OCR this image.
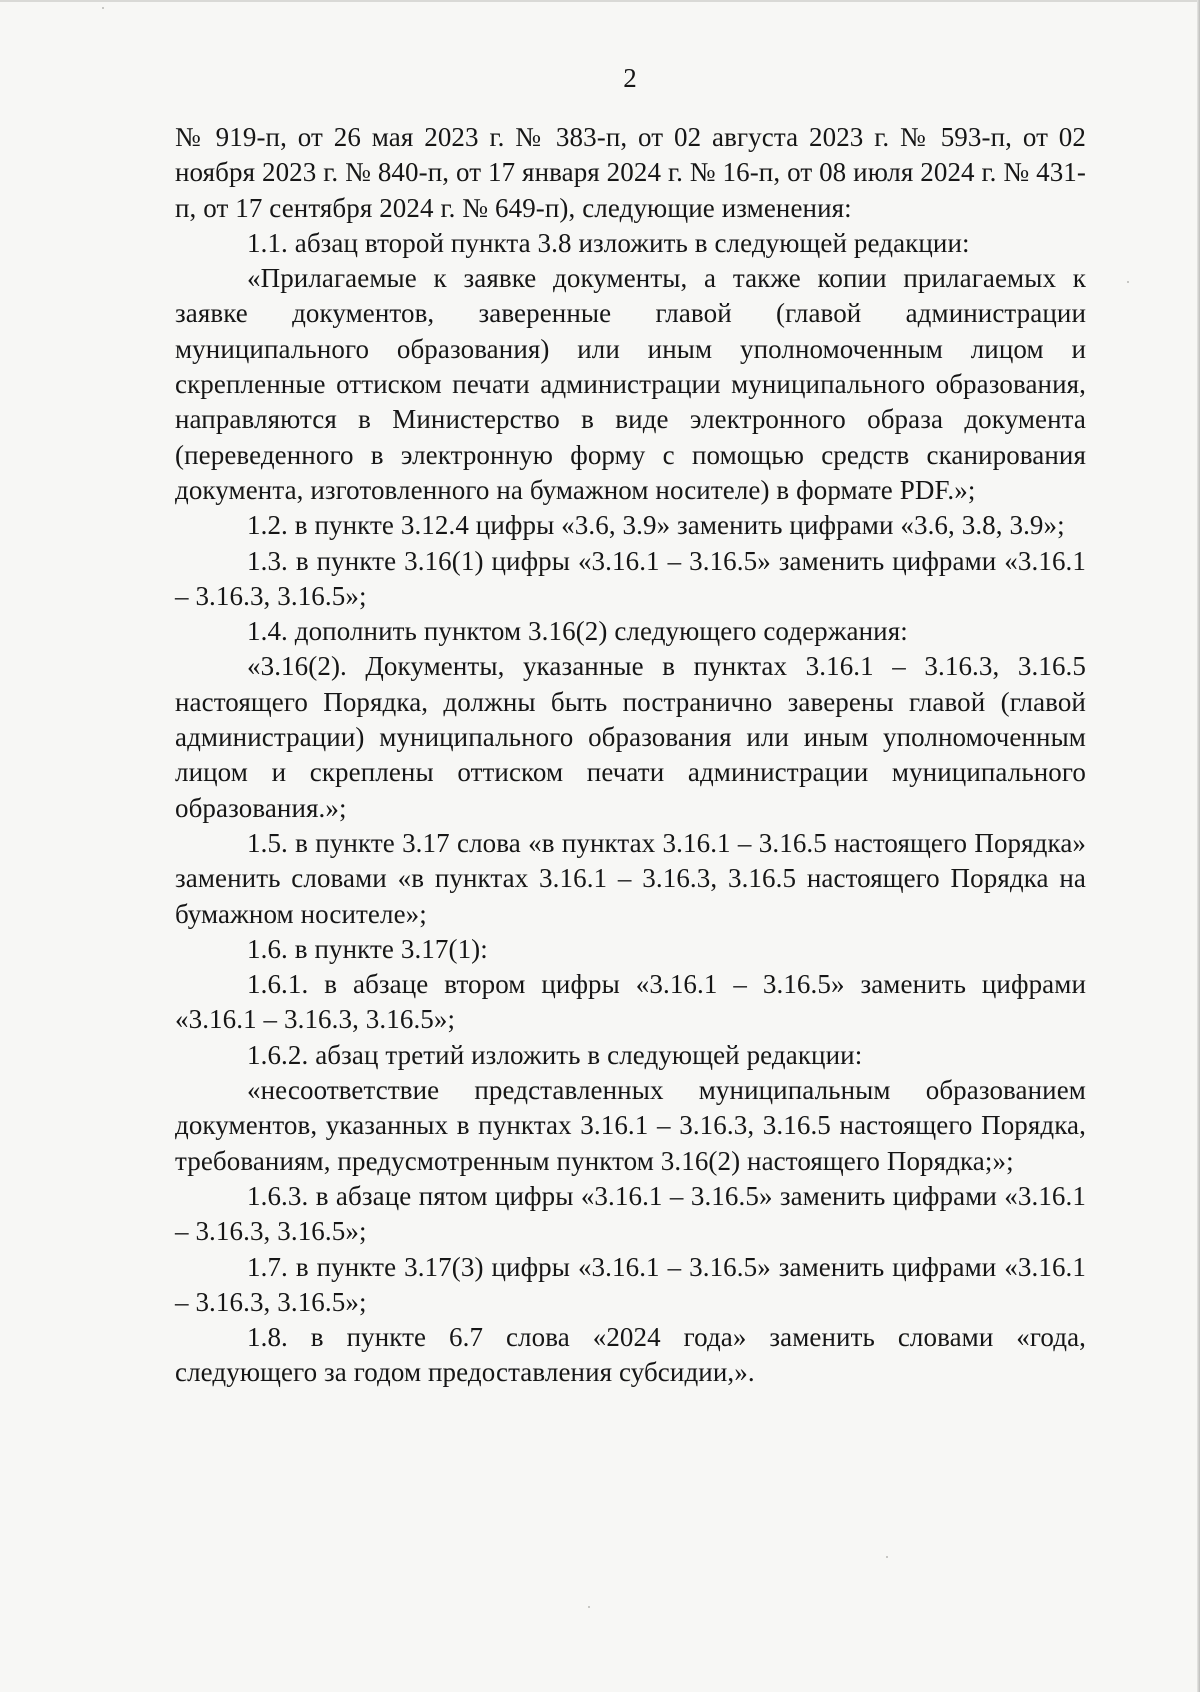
2

№ 919-п, от 26 мая 2023 г. № 383-п, от 02 августа 2023 г. № 593-п, от 02 ноября 2023 г. № 840-п, от 17 января 2024 г. № 16-п, от 08 июля 2024 г. № 431-п, от 17 сентября 2024 г. № 649-п), следующие изменения:

1.1. абзац второй пункта 3.8 изложить в следующей редакции:

«Прилагаемые к заявке документы, а также копии прилагаемых к заявке документов, заверенные главой (главой администрации муниципального образования) или иным уполномоченным лицом и скрепленные оттиском печати администрации муниципального образования, направляются в Министерство в виде электронного образа документа (переведенного в электронную форму с помощью средств сканирования документа, изготовленного на бумажном носителе) в формате PDF.»;

1.2. в пункте 3.12.4 цифры «3.6, 3.9» заменить цифрами «3.6, 3.8, 3.9»;

1.3. в пункте 3.16(1) цифры «3.16.1 – 3.16.5» заменить цифрами «3.16.1 – 3.16.3, 3.16.5»;

1.4. дополнить пунктом 3.16(2) следующего содержания:

«3.16(2). Документы, указанные в пунктах 3.16.1 – 3.16.3, 3.16.5 настоящего Порядка, должны быть постранично заверены главой (главой администрации) муниципального образования или иным уполномоченным лицом и скреплены оттиском печати администрации муниципального образования.»;

1.5. в пункте 3.17 слова «в пунктах 3.16.1 – 3.16.5 настоящего Порядка» заменить словами «в пунктах 3.16.1 – 3.16.3, 3.16.5 настоящего Порядка на бумажном носителе»;

1.6. в пункте 3.17(1):

1.6.1. в абзаце втором цифры «3.16.1 – 3.16.5» заменить цифрами «3.16.1 – 3.16.3, 3.16.5»;

1.6.2. абзац третий изложить в следующей редакции:

«несоответствие представленных муниципальным образованием документов, указанных в пунктах 3.16.1 – 3.16.3, 3.16.5 настоящего Порядка, требованиям, предусмотренным пунктом 3.16(2) настоящего Порядка;»;

1.6.3. в абзаце пятом цифры «3.16.1 – 3.16.5» заменить цифрами «3.16.1 – 3.16.3, 3.16.5»;

1.7. в пункте 3.17(3) цифры «3.16.1 – 3.16.5» заменить цифрами «3.16.1 – 3.16.3, 3.16.5»;

1.8. в пункте 6.7 слова «2024 года» заменить словами «года, следующего за годом предоставления субсидии,».
